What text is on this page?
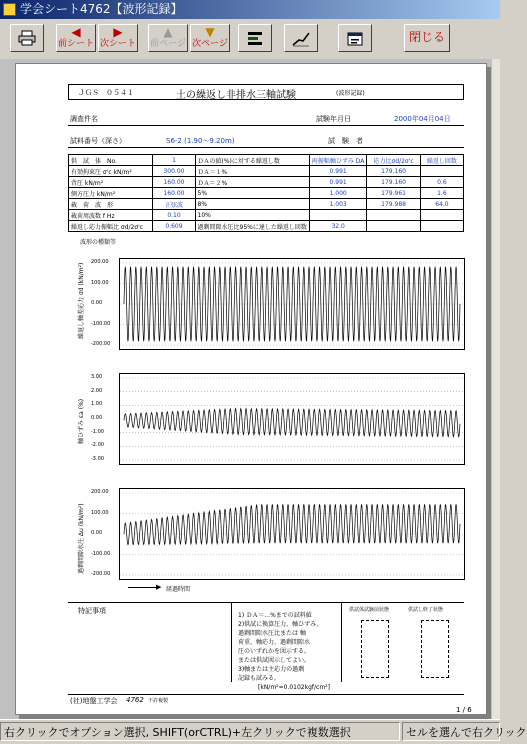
学会シート4762【波形記録】
◀
前シート
▶
次シート
▲
前ページ
▼
次ページ	閉じる
ＪＧＳ　０５４１	土の繰返し非排水三軸試験	(波形記録)
調査件名	試験年月日	2000年04月04日
試料番号（深さ）	S6-2 (1.90～9.20m)	試　験　者
供　試　体　No.	1	ＤＡの値(%)に対する繰返し数	両振幅軸ひずみ DA	応力比σd/2σ'c	繰返し回数
有効拘束圧 σ'c kN/m²	300.00	ＤＡ＝１%	0.991	179.160	
背圧 kN/m²	160.00	ＤＡ＝２%	0.991	179.160	0.6
側方圧力 kN/m²	160.00	5%	1.000	179.961	1.6
載　荷　波　形	正弦波	8%	1.003	179.988	64.0
載荷周波数 f Hz	0.10	10%			
繰返し応力振幅比 σd/2σ'c	0.609	過剰間隙水圧比95%に達した繰返し回数	32.0		
波形の種類等
200.00
100.00
0.00
-100.00
-200.00
3.00
2.00
1.00
0.00
-1.00
-2.00
-3.00
200.00
100.00
0.00
-100.00
-200.00
繰返し軸差応力 σd (kN/m²)
軸ひずみ εa (%)
過剰間隙水圧 Δu (kN/m²)
▶ 経過時間
特記事項
1) ＤＡ＝…%までの試料値
2)供試に換算圧力、軸ひずみ、
過剰間隙水圧比または 軸
荷重、軸応力、過剰間隙水
圧のいずれかを図示する。
または供試図示してよい。
3)軸または主応力の過剰
記録も試みる。
[kN/m²=0.0102kgf/cm²]
供試体試験前状態	供試し終了状態
(社)地盤工学会 4762 不許複製
1 / 6
右クリックでオプション選択, SHIFT(orCTRL)+左クリックで複数選択	セルを選んで右クリック
